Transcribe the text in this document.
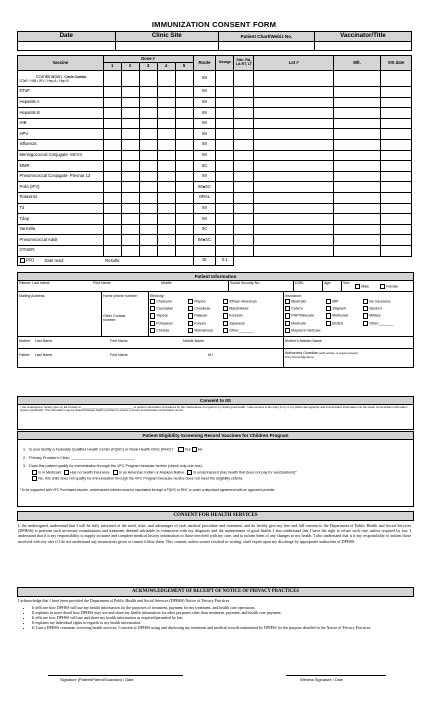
IMMUNIZATION CONSENT FORM
Date	Clinic Site	Patient Chart/Webiz No.	Vaccinator/Title

Vaccine	Dose #					Route	Dosage	Site: RA, LA RT, LT	Lot #	Mfr.	VIS date
	1	2	3	4	5						

Combination: Circle Combo
DTaP / HIB / IPV / Hep A / Hep B						IM					
DTaP						IM					
Hepatitis A						IM					
Hepatitis B						IM					
HIB						IM					
HPV						IM					
Influenza						IM					
Meningococcal Conjugate- MCV4						IM					
MMR						SC					
Pneumococcal Conjugate- Prevnar 13						IM					
Polio (IPV)						IM●SC					
Rotavirus						ORAL					
Td						IM					
Tdap						IM					
Varicella						SC					
Pneumococcal Adult						IM●SC					
OTHER:											
PPD Date read: Results:						ID	0.1				
Patient Information
Patient: Last Name	First Name	Middle	Social Security No.	DOB:	Age:	Sex:
Male	Female
Mailing Address:	Home phone number:
Other Contact number:
Ethnicity:
Chamorro	Filipino	African-American
Caucasian	Chuukese	Marshallese
Yapese	Palauan	Korsean
Pohnpean	Korean	Japanese
Chinese	Vietnamese	Other:_______
Insurance:
Medicaid	MIP	No Insurance
Calvo's	Staywell	Nanbo's
PHP/Takecare	Multicover	Military
Medicare	BC/BS	Other:_______
Moylan's/ NetCare
Mother: Last Name	First Name	Middle Name	Mother's Maiden Name
Father: Last Name	First Name	M.I	Authorized Guardian (with written or legal consent)
Print Name/Signature:
Consent to IIS
I, the undersigned, hereby give my full consent to _________________________________ to perform vaccination procedures for the maintenance of myself or my child's good health. I also consent to the entry of my or my child's demographic and immunization information into the Guam Immunization Information System (GUNetIZ). This information may be shared between health providers to ensure a current and accurate immunization record.
Patient Eligibility Screening Record Vaccines for Children Program
1.   Is your facility a Federally Qualified Health Center (FQHC) or Rural Health Clinic (RHC)?	Yes No
2.   Primary Provider's Clinic: _______________________________
3.   Does this patient qualify for immunization through the VFC Program because he/she (check only one box):
Is in Medicaid Has no health insurance Is an American Indian or Alaskan Native Is underinsured (has health that does not pay for vaccinations)*
No, this child does not qualify for immunization through the VFC Program because he/she does not meet the eligibility criteria.
*To be supported with VFC Purchased vaccine, underinsured children must be vaccinated through a FQHC or RHC or under a deputized agreement with an approved provider.
CONSENT FOR HEALTH SERVICES
I, the undersigned, understand that I will be fully informed of the need, risks, and advantages of each medical procedure and treatment, and do hereby give my free and full consent to the Department of Public Health and Social Services (DPHSS) to perform such necessary examinations and treatment deemed advisable in connection with my diagnosis and the maintenance of good health. I also understand that I have the right to refuse such care, unless required by law. I understand that it is my responsibility to supply accurate and complete medical history information to those involved with my care, and to inform them of any changes in my health. I also understand that it is my responsibility to inform those involved with my care if I do not understand any instructions given or cannot follow them. This consent, unless sooner revoked in writing, shall expire upon my discharge by appropriate authorities of DPHSS.
ACKNOWLEDGEMENT OF RECEIPT OF NOTICE OF PRIVACY PRACTICES
I acknowledge that I have been provided the Department of Public Health and Social Services (DPHSS) Notice of Privacy Practices.
• It tells me how DPHSS will use my health information for the purposes of treatment, payment for my treatment, and health care operations.
• It explains in more detail how DPHSS may use and share my health information for other purposes other than treatment, payment, and health care payment.
• It tells me how DPHSS will use and share my health information as required/permitted by law.
• It explains my individual rights in regards to my health information.
• If I am a DPHSS consumer receiving health services, I consent to DPHSS using and disclosing my treatment and medical records maintained by DPHSS for the purpose detailed in the Notice of Privacy Practices.
Signature (Patient/Parent/Guardian) / Date	Witness Signature / Date
